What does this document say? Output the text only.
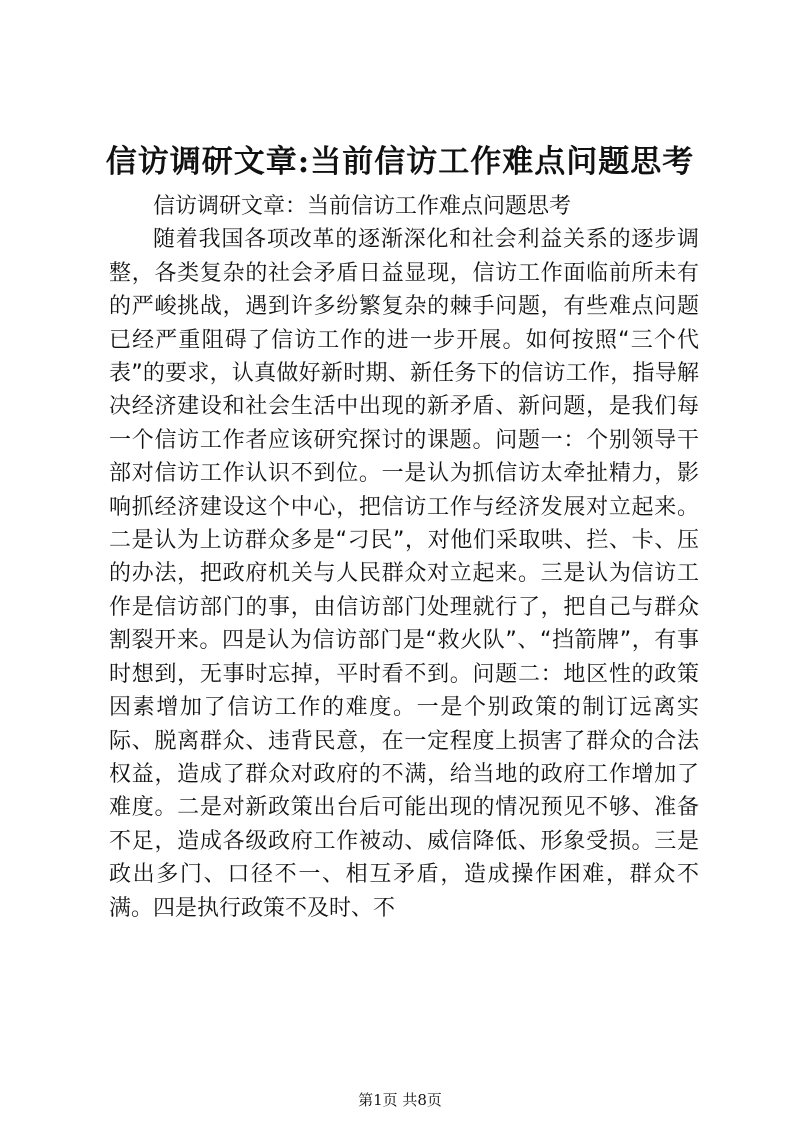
信访调研文章:当前信访工作难点问题思考

信访调研文章：当前信访工作难点问题思考

随着我国各项改革的逐渐深化和社会利益关系的逐步调整，各类复杂的社会矛盾日益显现，信访工作面临前所未有的严峻挑战，遇到许多纷繁复杂的棘手问题，有些难点问题已经严重阻碍了信访工作的进一步开展。如何按照“三个代表”的要求，认真做好新时期、新任务下的信访工作，指导解决经济建设和社会生活中出现的新矛盾、新问题，是我们每一个信访工作者应该研究探讨的课题。问题一：个别领导干部对信访工作认识不到位。一是认为抓信访太牵扯精力，影响抓经济建设这个中心，把信访工作与经济发展对立起来。二是认为上访群众多是“刁民”，对他们采取哄、拦、卡、压的办法，把政府机关与人民群众对立起来。三是认为信访工作是信访部门的事，由信访部门处理就行了，把自己与群众割裂开来。四是认为信访部门是“救火队”、“挡箭牌”，有事时想到，无事时忘掉，平时看不到。问题二：地区性的政策因素增加了信访工作的难度。一是个别政策的制订远离实际、脱离群众、违背民意，在一定程度上损害了群众的合法权益，造成了群众对政府的不满，给当地的政府工作增加了难度。二是对新政策出台后可能出现的情况预见不够、准备不足，造成各级政府工作被动、威信降低、形象受损。三是政出多门、口径不一、相互矛盾，造成操作困难，群众不满。四是执行政策不及时、不

第1页 共8页
